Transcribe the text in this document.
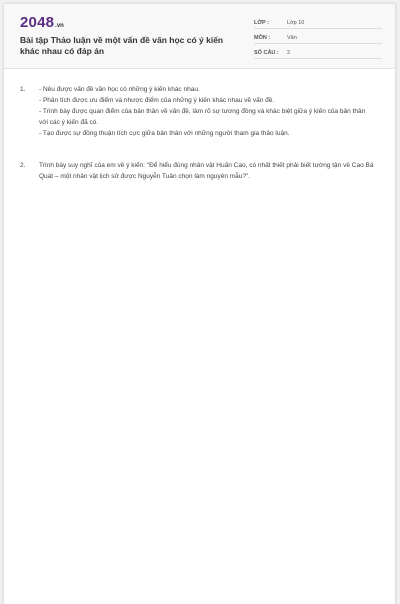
2048.vn
Bài tập Thảo luận về một vấn đề văn học có ý kiến khác nhau có đáp án
LỚP :	Lớp 10
MÔN :	Văn
SỐ CÂU : 2
1. - Nêu được vấn đề văn học có những ý kiến khác nhau.
- Phân tích được ưu điểm và nhược điểm của những ý kiến khác nhau về vấn đề.
- Trình bày được quan điểm của bản thân về vấn đề, làm rõ sự tương đồng và khác biệt giữa ý kiến của bản thân với các ý kiến đã có.
- Tạo được sự đồng thuận tích cực giữa bản thân với những người tham gia thảo luận.
2. Trình bày suy nghĩ của em về ý kiến: "Để hiểu đúng nhân vật Huấn Cao, có nhất thiết phải biết tường tận về Cao Bá Quát – một nhân vật lịch sử được Nguyễn Tuân chọn làm nguyên mẫu?".
